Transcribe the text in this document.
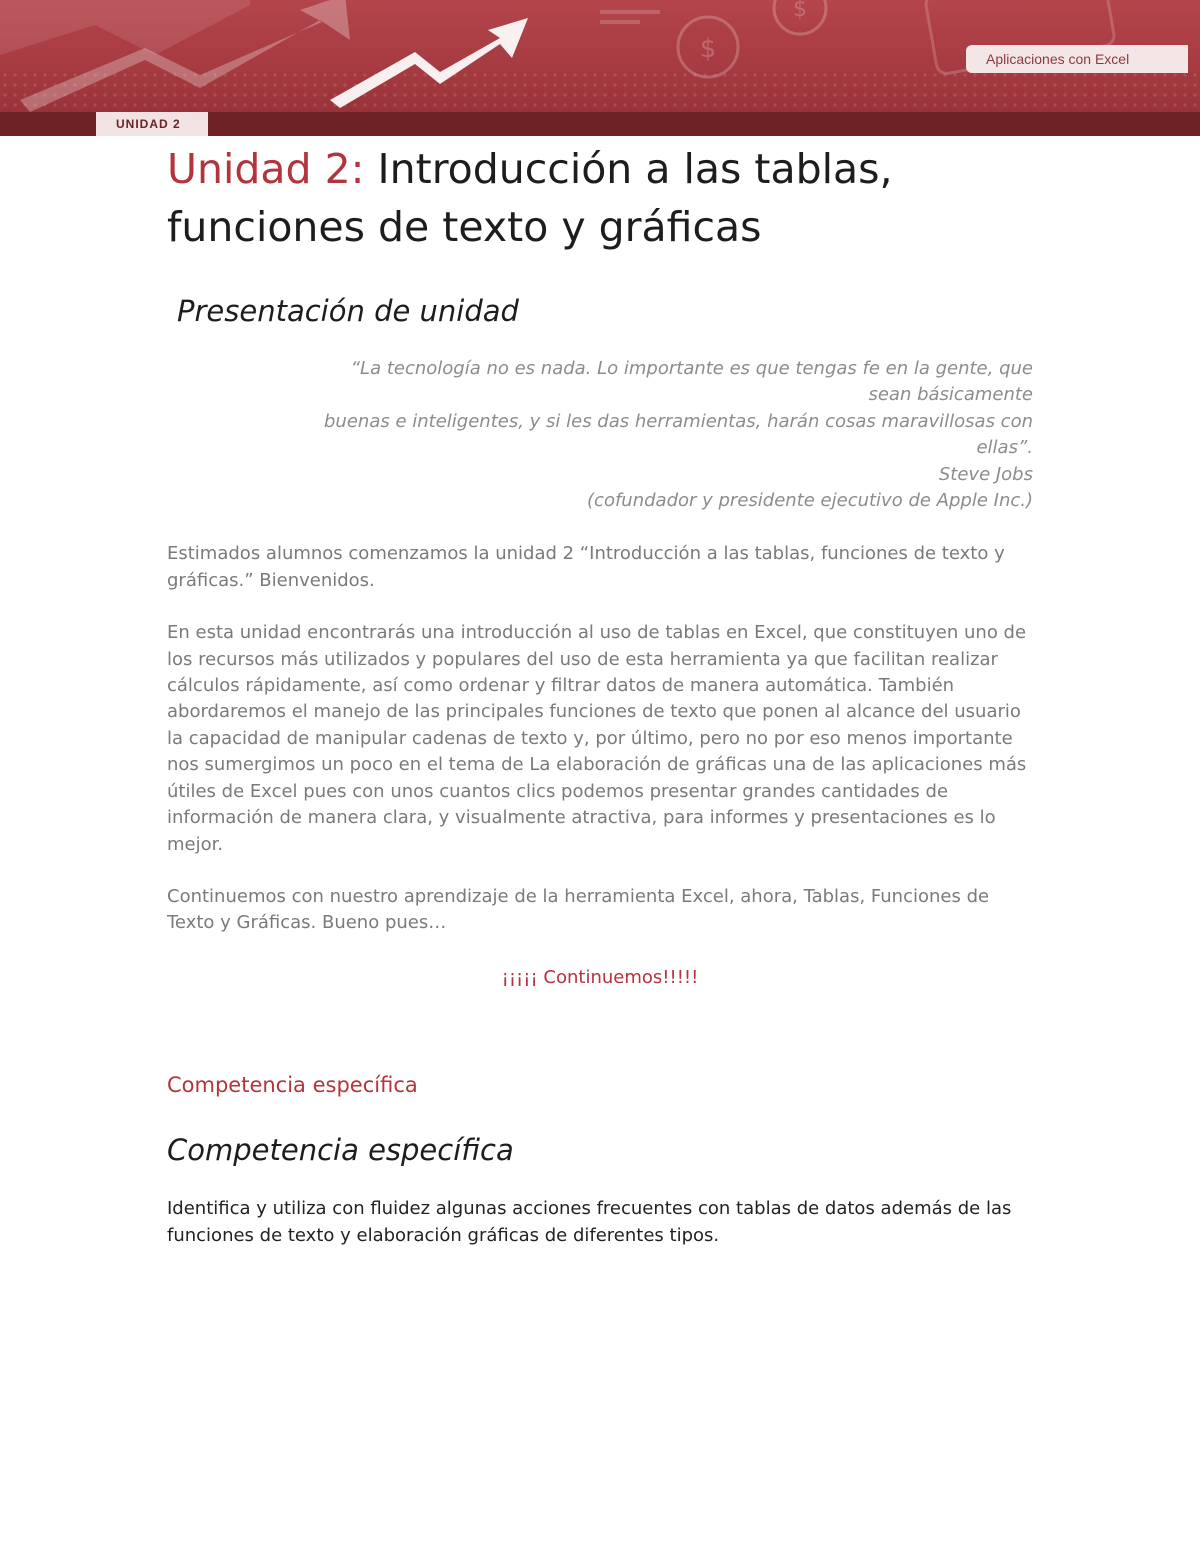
$
$
Aplicaciones con Excel
UNIDAD 2
Unidad 2: Introducción a las tablas,
funciones de texto y gráficas
Presentación de unidad

“La tecnología no es nada. Lo importante es que tengas fe en la gente, que

sean básicamente

buenas e inteligentes, y si les das herramientas, harán cosas maravillosas con

ellas”.

Steve Jobs

(cofundador y presidente ejecutivo de Apple Inc.)

Estimados alumnos comenzamos la unidad 2 “Introducción a las tablas, funciones de texto y gráficas.” Bienvenidos.

En esta unidad encontrarás una introducción al uso de tablas en Excel, que constituyen uno de los recursos más utilizados y populares del uso de esta herramienta ya que facilitan realizar cálculos rápidamente, así como ordenar y filtrar datos de manera automática. También abordaremos el manejo de las principales funciones de texto que ponen al alcance del usuario la capacidad de manipular cadenas de texto y, por último, pero no por eso menos importante nos sumergimos un poco en el tema de La elaboración de gráficas una de las aplicaciones más útiles de Excel pues con unos cuantos clics podemos presentar grandes cantidades de información de manera clara, y visualmente atractiva, para informes y presentaciones es lo mejor.

Continuemos con nuestro aprendizaje de la herramienta Excel, ahora, Tablas, Funciones de Texto y Gráficas. Bueno pues…

¡¡¡¡¡ Continuemos!!!!!
Competencia específica
Competencia específica

Identifica y utiliza con fluidez algunas acciones frecuentes con tablas de datos además de las funciones de texto y elaboración gráficas de diferentes tipos.
